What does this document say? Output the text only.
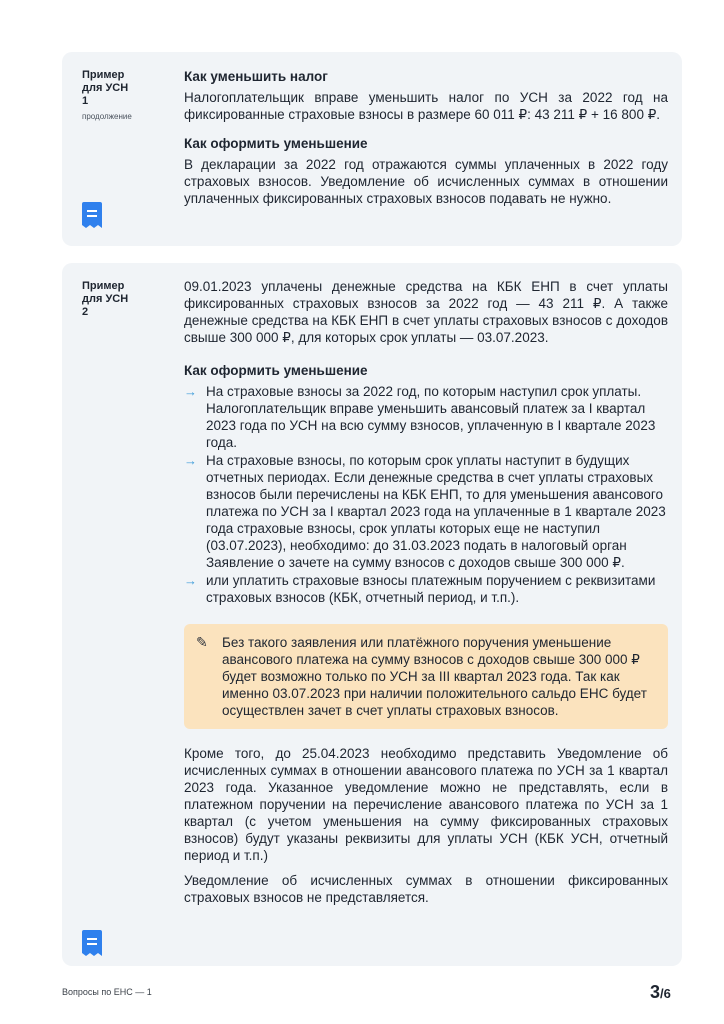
Пример
для УСН
1
продолжение
Как уменьшить налог
Налогоплательщик вправе уменьшить налог по УСН за 2022 год на фиксированные страховые взносы в размере 60 011 ₽: 43 211 ₽ + 16 800 ₽.
Как оформить уменьшение
В декларации за 2022 год отражаются суммы уплаченных в 2022 году страховых взносов. Уведомление об исчисленных суммах в отношении уплаченных фиксированных страховых взносов подавать не нужно.
Пример
для УСН
2
09.01.2023 уплачены денежные средства на КБК ЕНП в счет уплаты фиксированных страховых взносов за 2022 год — 43 211 ₽. А также денежные средства на КБК ЕНП в счет уплаты страховых взносов с доходов свыше 300 000 ₽, для которых срок уплаты — 03.07.2023.
Как оформить уменьшение
→ На страховые взносы за 2022 год, по которым наступил срок уплаты. Налогоплательщик вправе уменьшить авансовый платеж за I квартал 2023 года по УСН на всю сумму взносов, уплаченную в I квартале 2023 года.
→ На страховые взносы, по которым срок уплаты наступит в будущих отчетных периодах. Если денежные средства в счет уплаты страховых взносов были перечислены на КБК ЕНП, то для уменьшения авансового платежа по УСН за I квартал 2023 года на уплаченные в 1 квартале 2023 года страховые взносы, срок уплаты которых еще не наступил (03.07.2023), необходимо: до 31.03.2023 подать в налоговый орган Заявление о зачете на сумму взносов с доходов свыше 300 000 ₽.
→ или уплатить страховые взносы платежным поручением с реквизитами страховых взносов (КБК, отчетный период, и т.п.).
✎ Без такого заявления или платёжного поручения уменьшение авансового платежа на сумму взносов с доходов свыше 300 000 ₽ будет возможно только по УСН за III квартал 2023 года. Так как именно 03.07.2023 при наличии положительного сальдо ЕНС будет осуществлен зачет в счет уплаты страховых взносов.
Кроме того, до 25.04.2023 необходимо представить Уведомление об исчисленных суммах в отношении авансового платежа по УСН за 1 квартал 2023 года. Указанное уведомление можно не представлять, если в платежном поручении на перечисление авансового платежа по УСН за 1 квартал (с учетом уменьшения на сумму фиксированных страховых взносов) будут указаны реквизиты для уплаты УСН (КБК УСН, отчетный период и т.п.)
Уведомление об исчисленных суммах в отношении фиксированных страховых взносов не представляется.
Вопросы по ЕНС — 1	3/6
